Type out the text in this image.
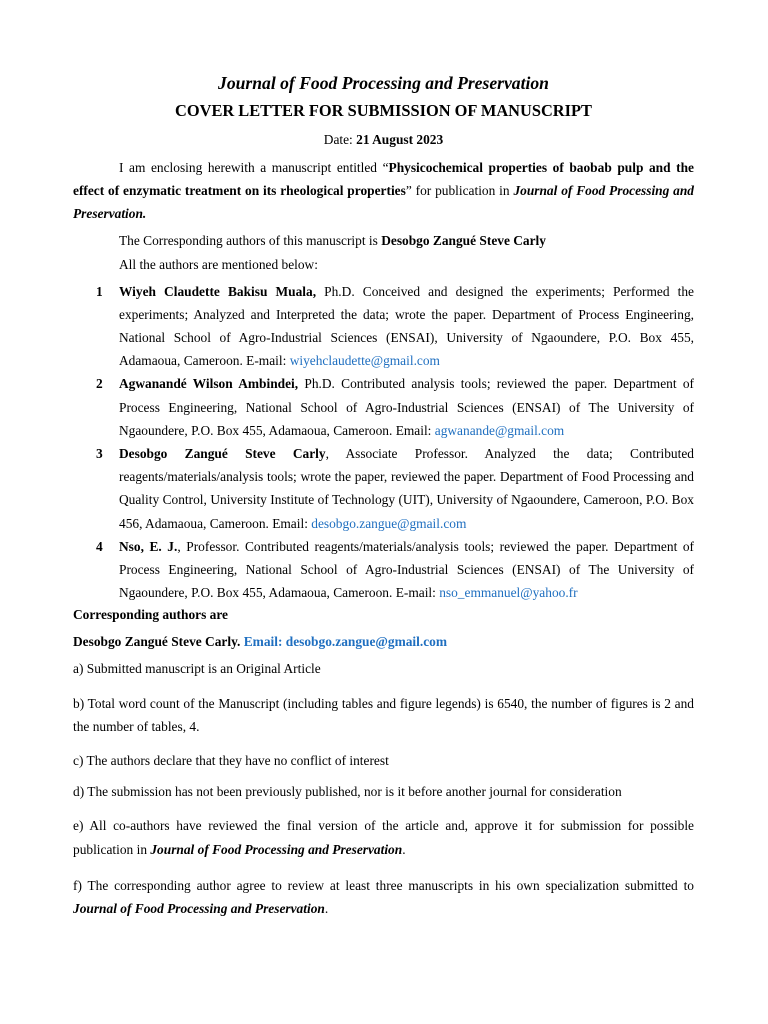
Journal of Food Processing and Preservation

COVER LETTER FOR SUBMISSION OF MANUSCRIPT

Date: 21 August 2023

I am enclosing herewith a manuscript entitled “Physicochemical properties of baobab pulp and the effect of enzymatic treatment on its rheological properties” for publication in Journal of Food Processing and Preservation.

The Corresponding authors of this manuscript is Desobgo Zangué Steve Carly

All the authors are mentioned below:

1 Wiyeh Claudette Bakisu Muala, Ph.D. Conceived and designed the experiments; Performed the experiments; Analyzed and Interpreted the data; wrote the paper. Department of Process Engineering, National School of Agro-Industrial Sciences (ENSAI), University of Ngaoundere, P.O. Box 455, Adamaoua, Cameroon. E-mail: wiyehclaudette@gmail.com
2 Agwanandé Wilson Ambindei, Ph.D. Contributed analysis tools; reviewed the paper. Department of Process Engineering, National School of Agro-Industrial Sciences (ENSAI) of The University of Ngaoundere, P.O. Box 455, Adamaoua, Cameroon. Email: agwanande@gmail.com
3 Desobgo Zangué Steve Carly, Associate Professor. Analyzed the data; Contributed reagents/materials/analysis tools; wrote the paper, reviewed the paper. Department of Food Processing and Quality Control, University Institute of Technology (UIT), University of Ngaoundere, Cameroon, P.O. Box 456, Adamaoua, Cameroon. Email: desobgo.zangue@gmail.com
4 Nso, E. J., Professor. Contributed reagents/materials/analysis tools; reviewed the paper. Department of Process Engineering, National School of Agro-Industrial Sciences (ENSAI) of The University of Ngaoundere, P.O. Box 455, Adamaoua, Cameroon. E-mail: nso_emmanuel@yahoo.fr

Corresponding authors are

Desobgo Zangué Steve Carly. Email: desobgo.zangue@gmail.com

a) Submitted manuscript is an Original Article

b) Total word count of the Manuscript (including tables and figure legends) is 6540, the number of figures is 2 and the number of tables, 4.

c) The authors declare that they have no conflict of interest

d) The submission has not been previously published, nor is it before another journal for consideration

e) All co-authors have reviewed the final version of the article and, approve it for submission for possible publication in Journal of Food Processing and Preservation.

f) The corresponding author agree to review at least three manuscripts in his own specialization submitted to Journal of Food Processing and Preservation.
